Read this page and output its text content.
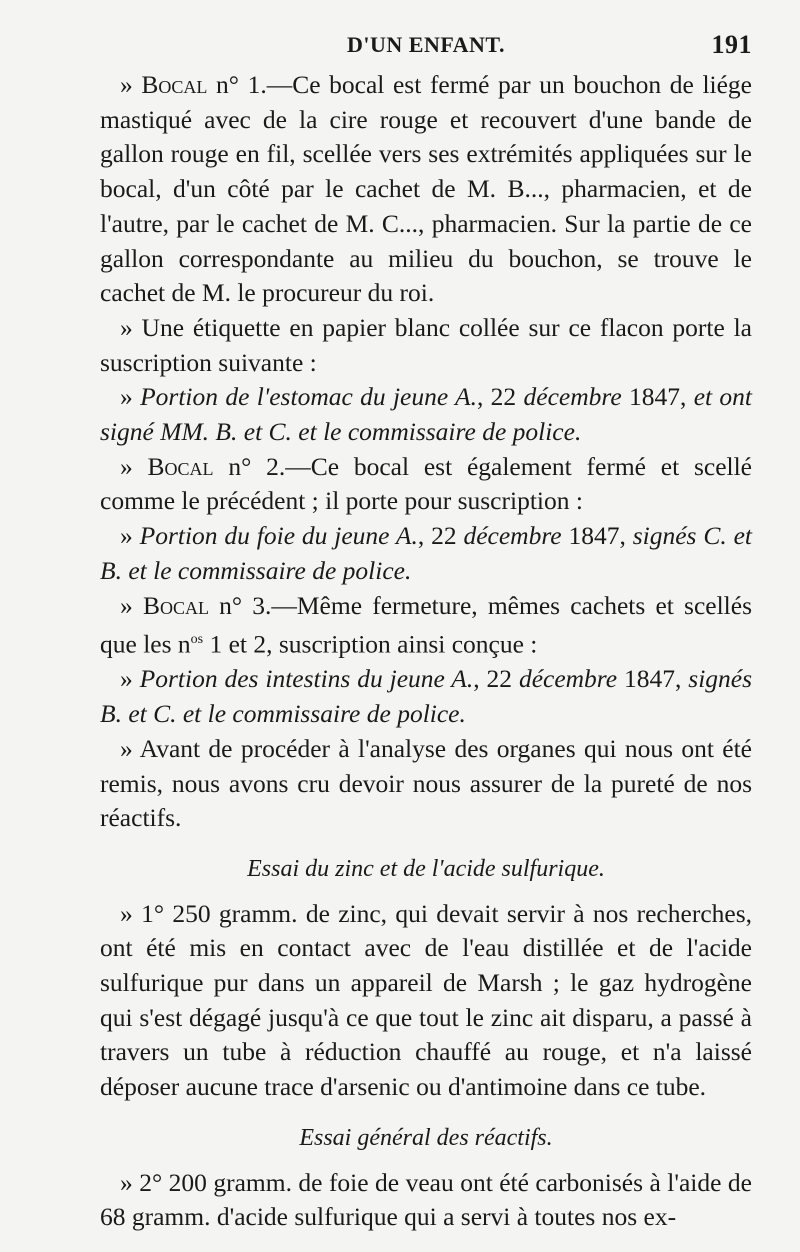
D'UN ENFANT.	191

» Bocal n° 1.—Ce bocal est fermé par un bouchon de liége mastiqué avec de la cire rouge et recouvert d'une bande de gallon rouge en fil, scellée vers ses extrémités appliquées sur le bocal, d'un côté par le cachet de M. B..., pharmacien, et de l'autre, par le cachet de M. C..., pharmacien. Sur la partie de ce gallon correspondante au milieu du bouchon, se trouve le cachet de M. le procureur du roi.

» Une étiquette en papier blanc collée sur ce flacon porte la suscription suivante :

» Portion de l'estomac du jeune A., 22 décembre 1847, et ont signé MM. B. et C. et le commissaire de police.

» Bocal n° 2.—Ce bocal est également fermé et scellé comme le précédent ; il porte pour suscription :

» Portion du foie du jeune A., 22 décembre 1847, signés C. et B. et le commissaire de police.

» Bocal n° 3.—Même fermeture, mêmes cachets et scellés que les $n^{os}$ 1 et 2, suscription ainsi conçue :

» Portion des intestins du jeune A., 22 décembre 1847, signés B. et C. et le commissaire de police.

» Avant de procéder à l'analyse des organes qui nous ont été remis, nous avons cru devoir nous assurer de la pureté de nos réactifs.

Essai du zinc et de l'acide sulfurique.

» 1° 250 gramm. de zinc, qui devait servir à nos recherches, ont été mis en contact avec de l'eau distillée et de l'acide sulfurique pur dans un appareil de Marsh ; le gaz hydrogène qui s'est dégagé jusqu'à ce que tout le zinc ait disparu, a passé à travers un tube à réduction chauffé au rouge, et n'a laissé déposer aucune trace d'arsenic ou d'antimoine dans ce tube.

Essai général des réactifs.

» 2° 200 gramm. de foie de veau ont été carbonisés à l'aide de 68 gramm. d'acide sulfurique qui a servi à toutes nos ex-
